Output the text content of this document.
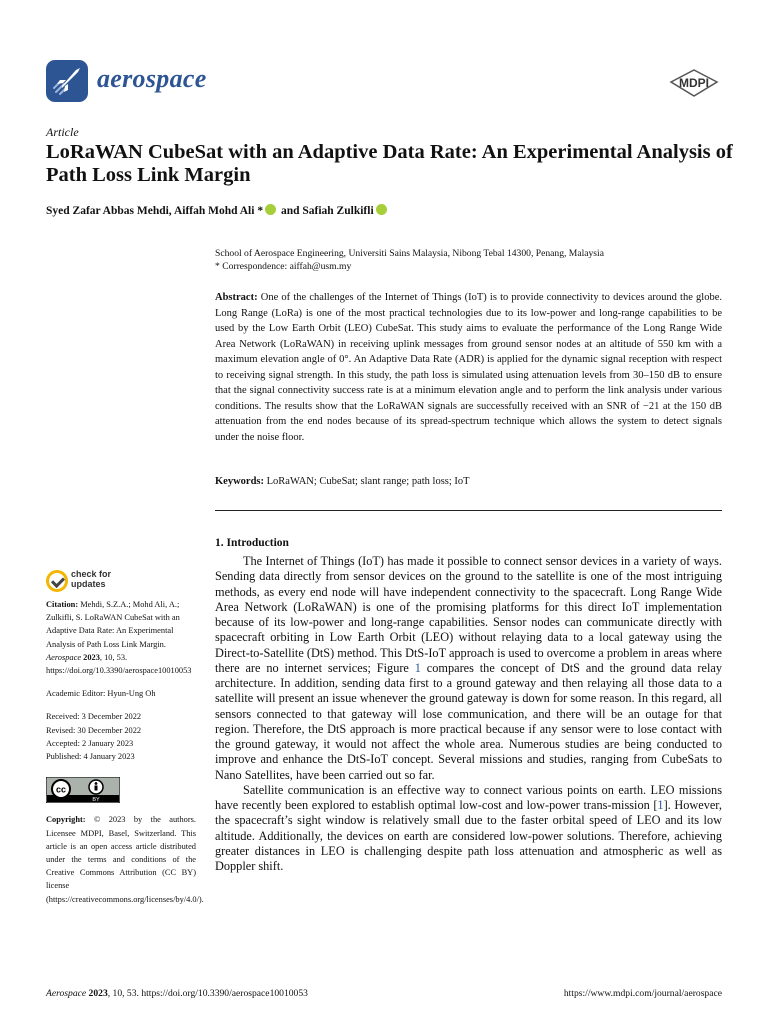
aerospace	MDPI
Article
LoRaWAN CubeSat with an Adaptive Data Rate: An Experimental Analysis of Path Loss Link Margin
Syed Zafar Abbas Mehdi, Aiffah Mohd Ali * and Safiah Zulkifli
School of Aerospace Engineering, Universiti Sains Malaysia, Nibong Tebal 14300, Penang, Malaysia
* Correspondence: aiffah@usm.my
Abstract: One of the challenges of the Internet of Things (IoT) is to provide connectivity to devices around the globe. Long Range (LoRa) is one of the most practical technologies due to its low-power and long-range capabilities to be used by the Low Earth Orbit (LEO) CubeSat. This study aims to evaluate the performance of the Long Range Wide Area Network (LoRaWAN) in receiving uplink messages from ground sensor nodes at an altitude of 550 km with a maximum elevation angle of 0°. An Adaptive Data Rate (ADR) is applied for the dynamic signal reception with respect to receiving signal strength. In this study, the path loss is simulated using attenuation levels from 30–150 dB to ensure that the signal connectivity success rate is at a minimum elevation angle and to perform the link analysis under various conditions. The results show that the LoRaWAN signals are successfully received with an SNR of −21 at the 150 dB attenuation from the end nodes because of its spread-spectrum technique which allows the system to detect signals under the noise floor.
Keywords: LoRaWAN; CubeSat; slant range; path loss; IoT
1. Introduction

The Internet of Things (IoT) has made it possible to connect sensor devices in a variety of ways. Sending data directly from sensor devices on the ground to the satellite is one of the most intriguing methods, as every end node will have independent connectivity to the spacecraft. Long Range Wide Area Network (LoRaWAN) is one of the promising platforms for this direct IoT implementation because of its low-power and long-range capabilities. Sensor nodes can communicate directly with spacecraft orbiting in Low Earth Orbit (LEO) without relaying data to a local gateway using the Direct-to-Satellite (DtS) method. This DtS-IoT approach is used to overcome a problem in areas where there are no internet services; Figure 1 compares the concept of DtS and the ground data relay architecture. In addition, sending data first to a ground gateway and then relaying all those data to a satellite will present an issue whenever the ground gateway is down for some reason. In this regard, all sensors connected to that gateway will lose communication, and there will be an outage for that region. Therefore, the DtS approach is more practical because if any sensor were to lose contact with the ground gateway, it would not affect the whole area. Numerous studies are being conducted to improve and enhance the DtS-IoT concept. Several missions and studies, ranging from CubeSats to Nano Satellites, have been carried out so far.

Satellite communication is an effective way to connect various points on earth. LEO missions have recently been explored to establish optimal low-cost and low-power trans-mission [1]. However, the spacecraft’s sight window is relatively small due to the faster orbital speed of LEO and its low altitude. Additionally, the devices on earth are considered low-power solutions. Therefore, achieving greater distances in LEO is challenging despite path loss attenuation and atmospheric as well as Doppler shift.

check for
updates
Citation: Mehdi, S.Z.A.; Mohd Ali, A.; Zulkifli, S. LoRaWAN CubeSat with an Adaptive Data Rate: An Experimental Analysis of Path Loss Link Margin. Aerospace 2023, 10, 53. https://doi.org/10.3390/aerospace10010053
Academic Editor: Hyun-Ung Oh
Received: 3 December 2022
Revised: 30 December 2022
Accepted: 2 January 2023
Published: 4 January 2023
cc
BY
Copyright: © 2023 by the authors. Licensee MDPI, Basel, Switzerland. This article is an open access article distributed under the terms and conditions of the Creative Commons Attribution (CC BY) license (https://creativecommons.org/licenses/by/4.0/).
Aerospace 2023, 10, 53. https://doi.org/10.3390/aerospace10010053	https://www.mdpi.com/journal/aerospace
